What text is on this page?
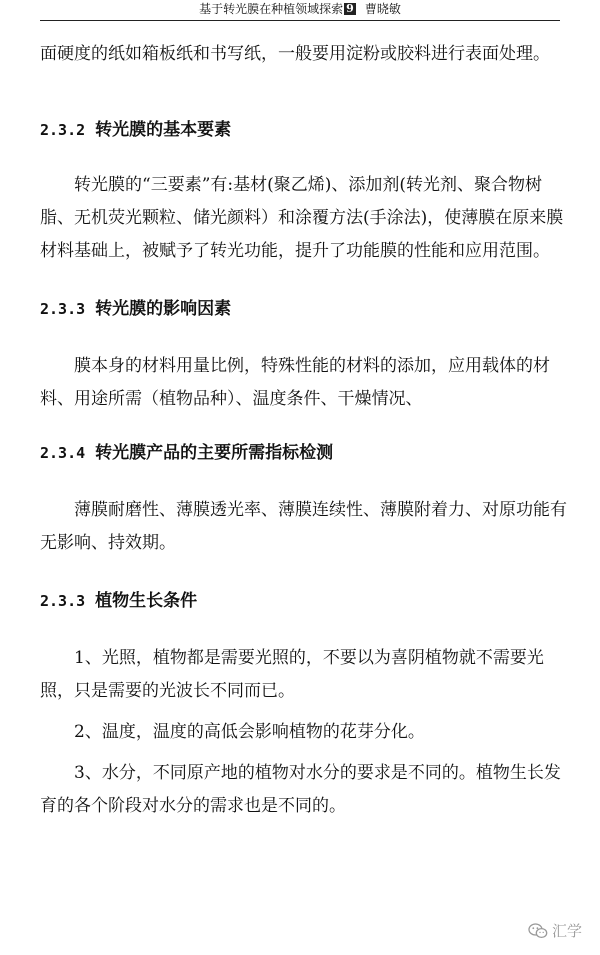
基于转光膜在种植领域探索 9 曹晓敏

面硬度的纸如箱板纸和书写纸，一般要用淀粉或胶料进行表面处理。

2.3.2 转光膜的基本要素

转光膜的“三要素”有:基材(聚乙烯)、添加剂(转光剂、聚合物树脂、无机荧光颗粒、储光颜料）和涂覆方法(手涂法)，使薄膜在原来膜材料基础上，被赋予了转光功能，提升了功能膜的性能和应用范围。

2.3.3 转光膜的影响因素

膜本身的材料用量比例，特殊性能的材料的添加，应用载体的材料、用途所需（植物品种）、温度条件、干燥情况、

2.3.4 转光膜产品的主要所需指标检测

薄膜耐磨性、薄膜透光率、薄膜连续性、薄膜附着力、对原功能有无影响、持效期。

2.3.3 植物生长条件

1、光照，植物都是需要光照的，不要以为喜阴植物就不需要光照，只是需要的光波长不同而已。

2、温度，温度的高低会影响植物的花芽分化。

3、水分，不同原产地的植物对水分的要求是不同的。植物生长发育的各个阶段对水分的需求也是不同的。

汇学
